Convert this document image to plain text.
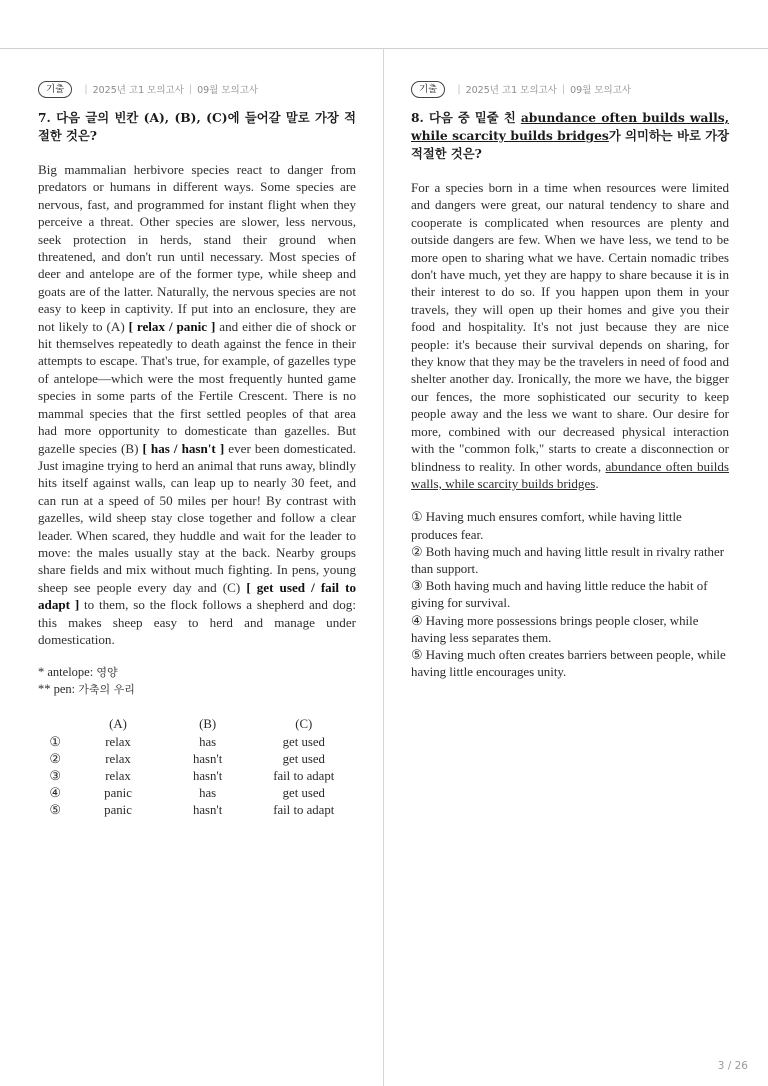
기출	| 2025년 고1 모의고사 | 09월 모의고사
7. 다음 글의 빈칸 (A), (B), (C)에 들어갈 말로 가장 적절한 것은?
Big mammalian herbivore species react to danger from predators or humans in different ways. Some species are nervous, fast, and programmed for instant flight when they perceive a threat. Other species are slower, less nervous, seek protection in herds, stand their ground when threatened, and don't run until necessary. Most species of deer and antelope are of the former type, while sheep and goats are of the latter. Naturally, the nervous species are not easy to keep in captivity. If put into an enclosure, they are not likely to (A) [ relax / panic ] and either die of shock or hit themselves repeatedly to death against the fence in their attempts to escape. That's true, for example, of gazelles type of antelope—which were the most frequently hunted game species in some parts of the Fertile Crescent. There is no mammal species that the first settled peoples of that area had more opportunity to domesticate than gazelles. But gazelle species (B) [ has / hasn't ] ever been domesticated. Just imagine trying to herd an animal that runs away, blindly hits itself against walls, can leap up to nearly 30 feet, and can run at a speed of 50 miles per hour! By contrast with gazelles, wild sheep stay close together and follow a clear leader. When scared, they huddle and wait for the leader to move: the males usually stay at the back. Nearby groups share fields and mix without much fighting. In pens, young sheep see people every day and (C) [ get used / fail to adapt ] to them, so the flock follows a shepherd and dog: this makes sheep easy to herd and manage under domestication.
* antelope: 영양
** pen: 가축의 우리
	(A)	(B)	(C)
①	relax	has	get used
②	relax	hasn't	get used
③	relax	hasn't	fail to adapt
④	panic	has	get used
⑤	panic	hasn't	fail to adapt
기출	| 2025년 고1 모의고사 | 09월 모의고사
8. 다음 중 밑줄 친 abundance often builds walls, while scarcity builds bridges가 의미하는 바로 가장 적절한 것은?
For a species born in a time when resources were limited and dangers were great, our natural tendency to share and cooperate is complicated when resources are plenty and outside dangers are few. When we have less, we tend to be more open to sharing what we have. Certain nomadic tribes don't have much, yet they are happy to share because it is in their interest to do so. If you happen upon them in your travels, they will open up their homes and give you their food and hospitality. It's not just because they are nice people: it's because their survival depends on sharing, for they know that they may be the travelers in need of food and shelter another day. Ironically, the more we have, the bigger our fences, the more sophisticated our security to keep people away and the less we want to share. Our desire for more, combined with our decreased physical interaction with the "common folk," starts to create a disconnection or blindness to reality. In other words, abundance often builds walls, while scarcity builds bridges.
① Having much ensures comfort, while having little produces fear.
② Both having much and having little result in rivalry rather than support.
③ Both having much and having little reduce the habit of giving for survival.
④ Having more possessions brings people closer, while having less separates them.
⑤ Having much often creates barriers between people, while having little encourages unity.
3 / 26
